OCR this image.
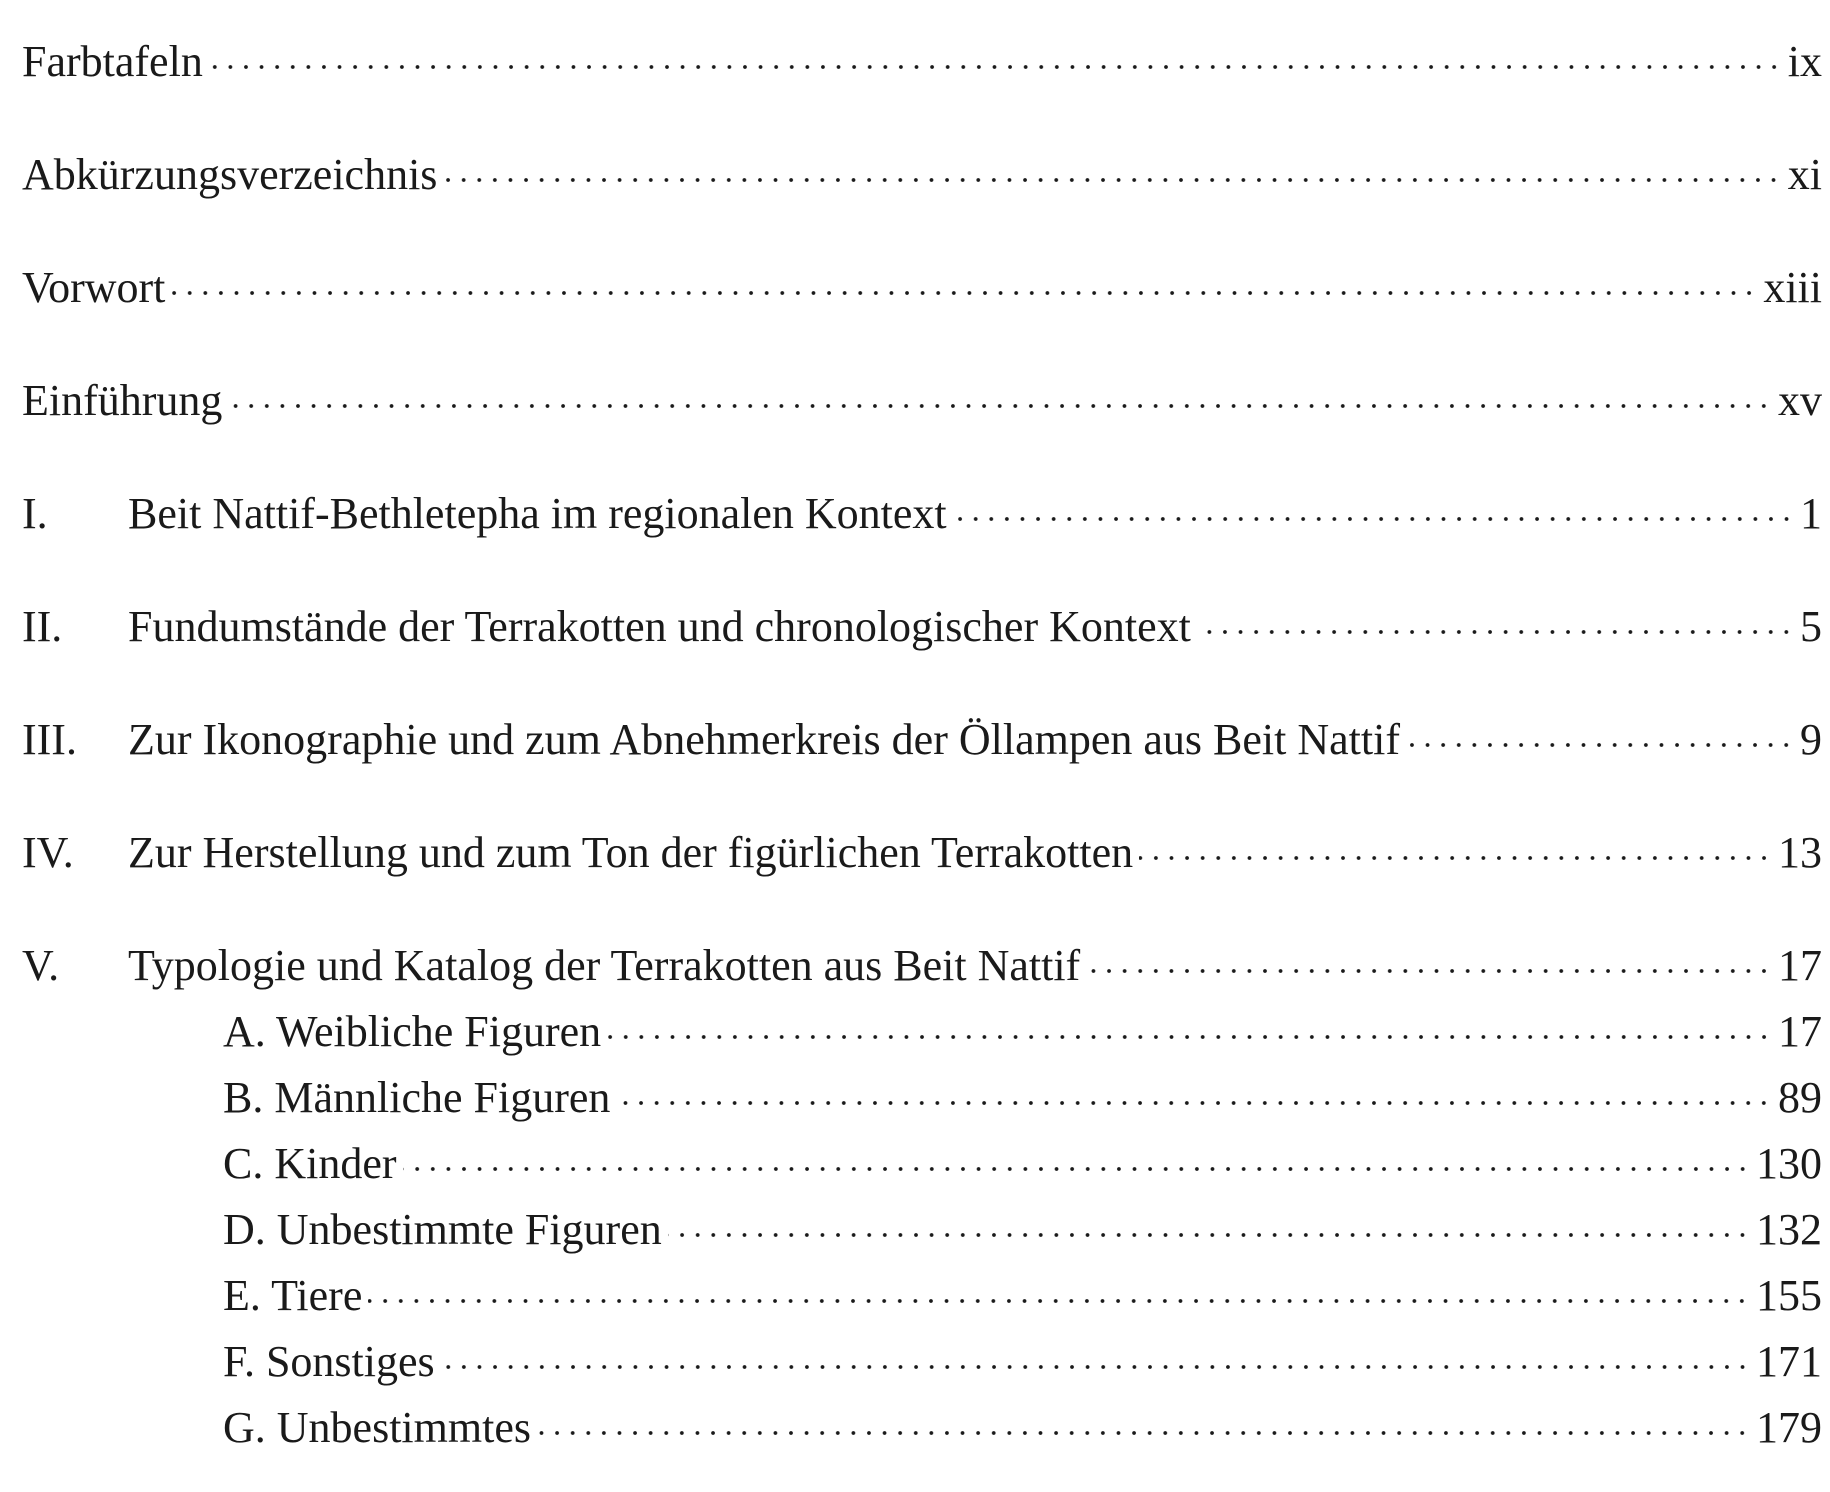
Farbtafeln	ix
Abkürzungsverzeichnis	xi
Vorwort	xiii
Einführung	xv
I.	Beit Nattif-Bethletepha im regionalen Kontext	1
II.	Fundumstände der Terrakotten und chronologischer Kontext	5
III.	Zur Ikonographie und zum Abnehmerkreis der Öllampen aus Beit Nattif	9
IV.	Zur Herstellung und zum Ton der figürlichen Terrakotten	13
V.	Typologie und Katalog der Terrakotten aus Beit Nattif	17
A. Weibliche Figuren	17
B. Männliche Figuren	89
C. Kinder	130
D. Unbestimmte Figuren	132
E. Tiere	155
F. Sonstiges	171
G. Unbestimmtes	179
